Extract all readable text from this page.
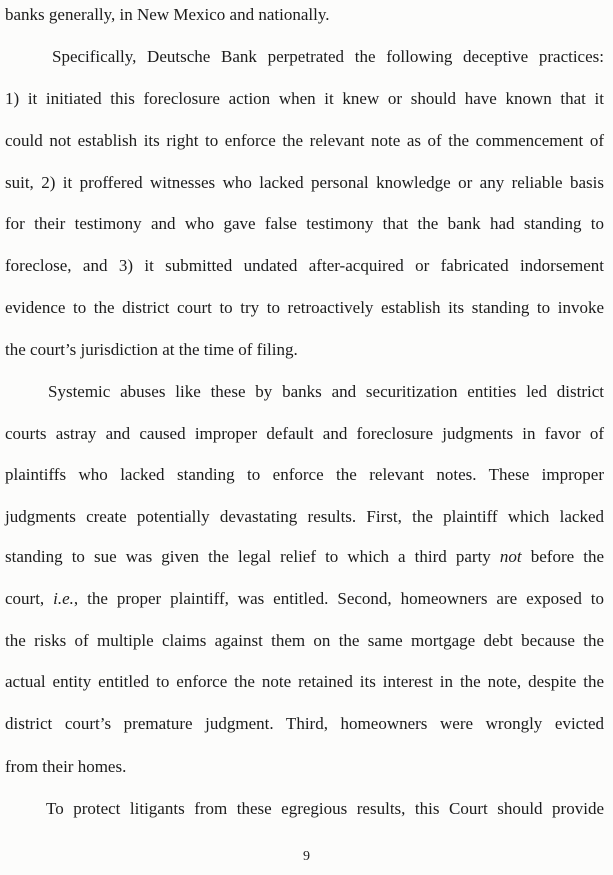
banks generally, in New Mexico and nationally.
Specifically, Deutsche Bank perpetrated the following deceptive practices:
1) it initiated this foreclosure action when it knew or should have known that it
could not establish its right to enforce the relevant note as of the commencement of
suit, 2) it proffered witnesses who lacked personal knowledge or any reliable basis
for their testimony and who gave false testimony that the bank had standing to
foreclose, and 3) it submitted undated after-acquired or fabricated indorsement
evidence to the district court to try to retroactively establish its standing to invoke
the court’s jurisdiction at the time of filing.
Systemic abuses like these by banks and securitization entities led district
courts astray and caused improper default and foreclosure judgments in favor of
plaintiffs who lacked standing to enforce the relevant notes. These improper
judgments create potentially devastating results. First, the plaintiff which lacked
standing to sue was given the legal relief to which a third party not before the
court, i.e., the proper plaintiff, was entitled. Second, homeowners are exposed to
the risks of multiple claims against them on the same mortgage debt because the
actual entity entitled to enforce the note retained its interest in the note, despite the
district court’s premature judgment. Third, homeowners were wrongly evicted
from their homes.
To protect litigants from these egregious results, this Court should provide
9
